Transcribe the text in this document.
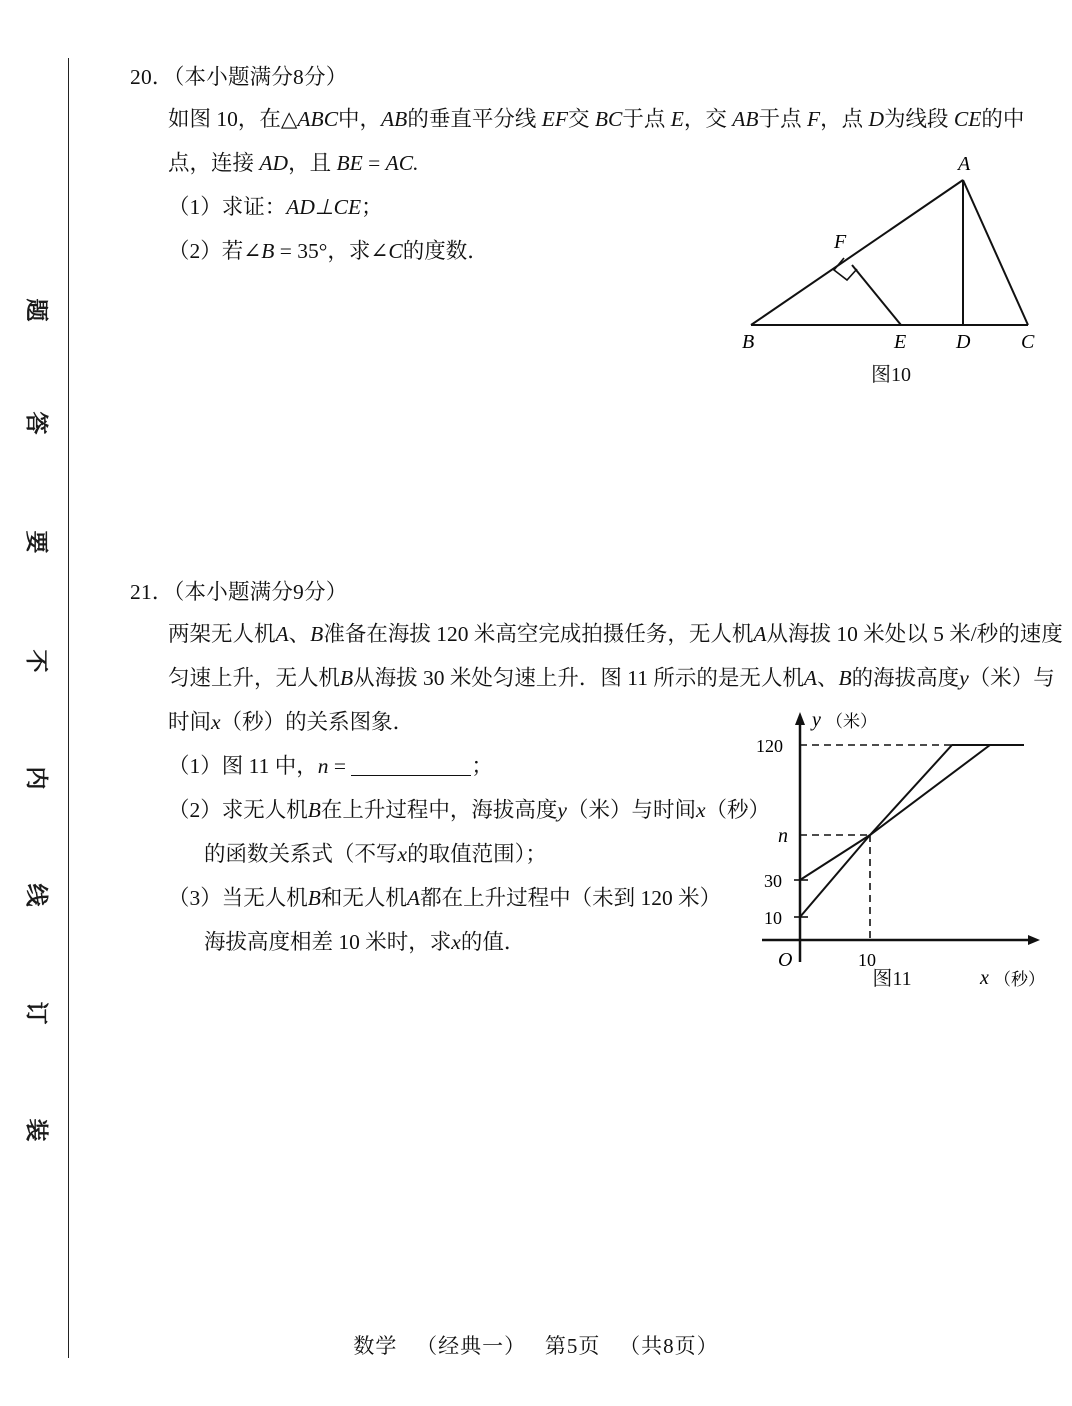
题
答
要
不
内
线
订
装
20．（本小题满分8分）
如图 10，在△ABC中，AB的垂直平分线 EF交 BC于点 E，交 AB于点 F，点 D为线段 CE的中
点，连接 AD，且 BE = AC.
（1）求证：AD⊥CE；
（2）若∠B = 35°，求∠C的度数．
A
F
B	E D	C
图10
21．（本小题满分9分）
两架无人机A、B准备在海拔 120 米高空完成拍摄任务，无人机A从海拔 10 米处以 5 米/秒的速度
匀速上升，无人机B从海拔 30 米处匀速上升．图 11 所示的是无人机A、B的海拔高度y（米）与
时间x（秒）的关系图象．
（1）图 11 中，n =	；
（2）求无人机B在上升过程中，海拔高度y（米）与时间x（秒）
的函数关系式（不写x的取值范围）；
（3）当无人机B和无人机A都在上升过程中（未到 120 米）
海拔高度相差 10 米时，求x的值．
120
n
30
10
10
O
y （米）
x （秒）
图11
数学 （经典一） 第5页 （共8页）
